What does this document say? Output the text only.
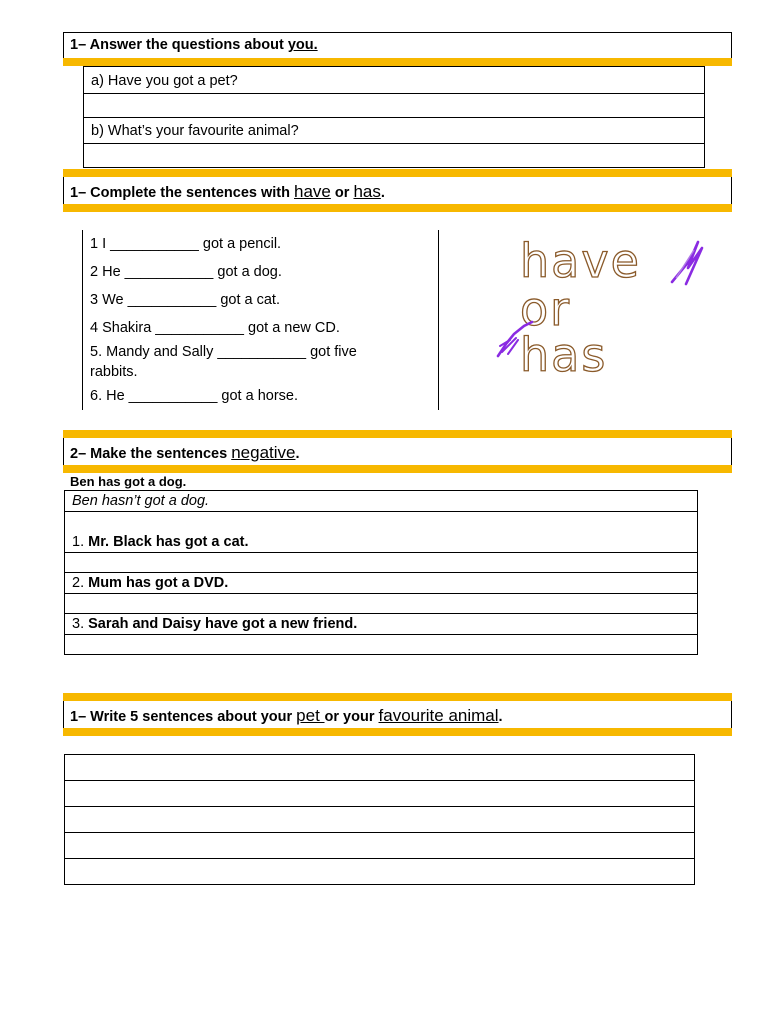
1– Answer the questions about you.
a) Have you got a pet?
b) What’s your favourite animal?
1– Complete the sentences with have or has.
1 I ___________ got a pencil.
2 He ___________ got a dog.
3 We ___________ got a cat.
4 Shakira ___________ got a new CD.
5. Mandy and Sally ___________ got five
rabbits.
6. He ___________ got a horse.
have
or
has
2– Make the sentences negative.
Ben has got a dog.
Ben hasn’t got a dog.
1. Mr. Black has got a cat.
2. Mum has got a DVD.
3. Sarah and Daisy have got a new friend.
1– Write 5 sentences about your pet or your favourite animal.
